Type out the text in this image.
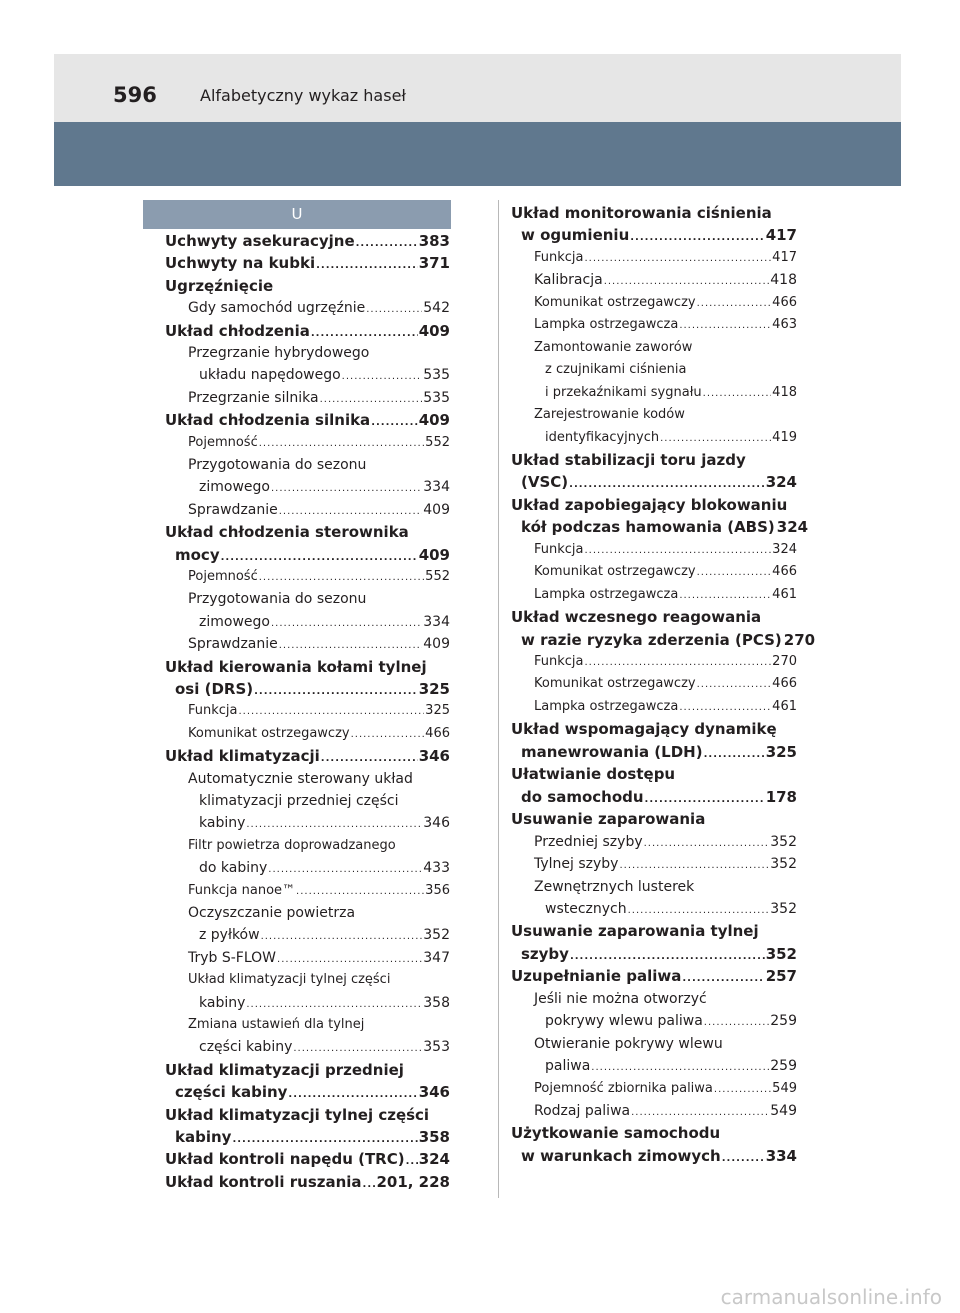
596	Alfabetyczny wykaz haseł
U
Uchwyty asekuracyjne .....	383
Uchwyty na kubki .....	371
Ugrzęźnięcie
Gdy samochód ugrzęźnie .....	542
Układ chłodzenia .....	409
Przegrzanie hybrydowego
układu napędowego .....	535
Przegrzanie silnika .....	535
Układ chłodzenia silnika .....	409
Pojemność .....	552
Przygotowania do sezonu
zimowego .....	334
Sprawdzanie .....	409
Układ chłodzenia sterownika
mocy .....	409
Pojemność .....	552
Przygotowania do sezonu
zimowego .....	334
Sprawdzanie .....	409
Układ kierowania kołami tylnej
osi (DRS) .....	325
Funkcja .....	325
Komunikat ostrzegawczy .....	466
Układ klimatyzacji .....	346
Automatycznie sterowany układ
klimatyzacji przedniej części
kabiny .....	346
Filtr powietrza doprowadzanego
do kabiny .....	433
Funkcja nanoe™ .....	356
Oczyszczanie powietrza
z pyłków .....	352
Tryb S-FLOW .....	347
Układ klimatyzacji tylnej części
kabiny .....	358
Zmiana ustawień dla tylnej
części kabiny .....	353
Układ klimatyzacji przedniej
części kabiny .....	346
Układ klimatyzacji tylnej części
kabiny .....	358
Układ kontroli napędu (TRC) ..... 324
Układ kontroli ruszania ..... 201, 228
Układ monitorowania ciśnienia
w ogumieniu .....	417
Funkcja .....	417
Kalibracja .....	418
Komunikat ostrzegawczy .....	466
Lampka ostrzegawcza .....	463
Zamontowanie zaworów
z czujnikami ciśnienia
i przekaźnikami sygnału .....	418
Zarejestrowanie kodów
identyfikacyjnych .....	419
Układ stabilizacji toru jazdy
(VSC) .....	324
Układ zapobiegający blokowaniu
kół podczas hamowania (ABS) 324
Funkcja .....	324
Komunikat ostrzegawczy .....	466
Lampka ostrzegawcza .....	461
Układ wczesnego reagowania
w razie ryzyka zderzenia (PCS) 270
Funkcja .....	270
Komunikat ostrzegawczy .....	466
Lampka ostrzegawcza .....	461
Układ wspomagający dynamikę
manewrowania (LDH) .....	325
Ułatwianie dostępu
do samochodu .....	178
Usuwanie zaparowania
Przedniej szyby .....	352
Tylnej szyby .....	352
Zewnętrznych lusterek
wstecznych .....	352
Usuwanie zaparowania tylnej
szyby .....	352
Uzupełnianie paliwa .....	257
Jeśli nie można otworzyć
pokrywy wlewu paliwa .....	259
Otwieranie pokrywy wlewu
paliwa .....	259
Pojemność zbiornika paliwa .....	549
Rodzaj paliwa .....	549
Użytkowanie samochodu
w warunkach zimowych .....	334
carmanualsonline.info
